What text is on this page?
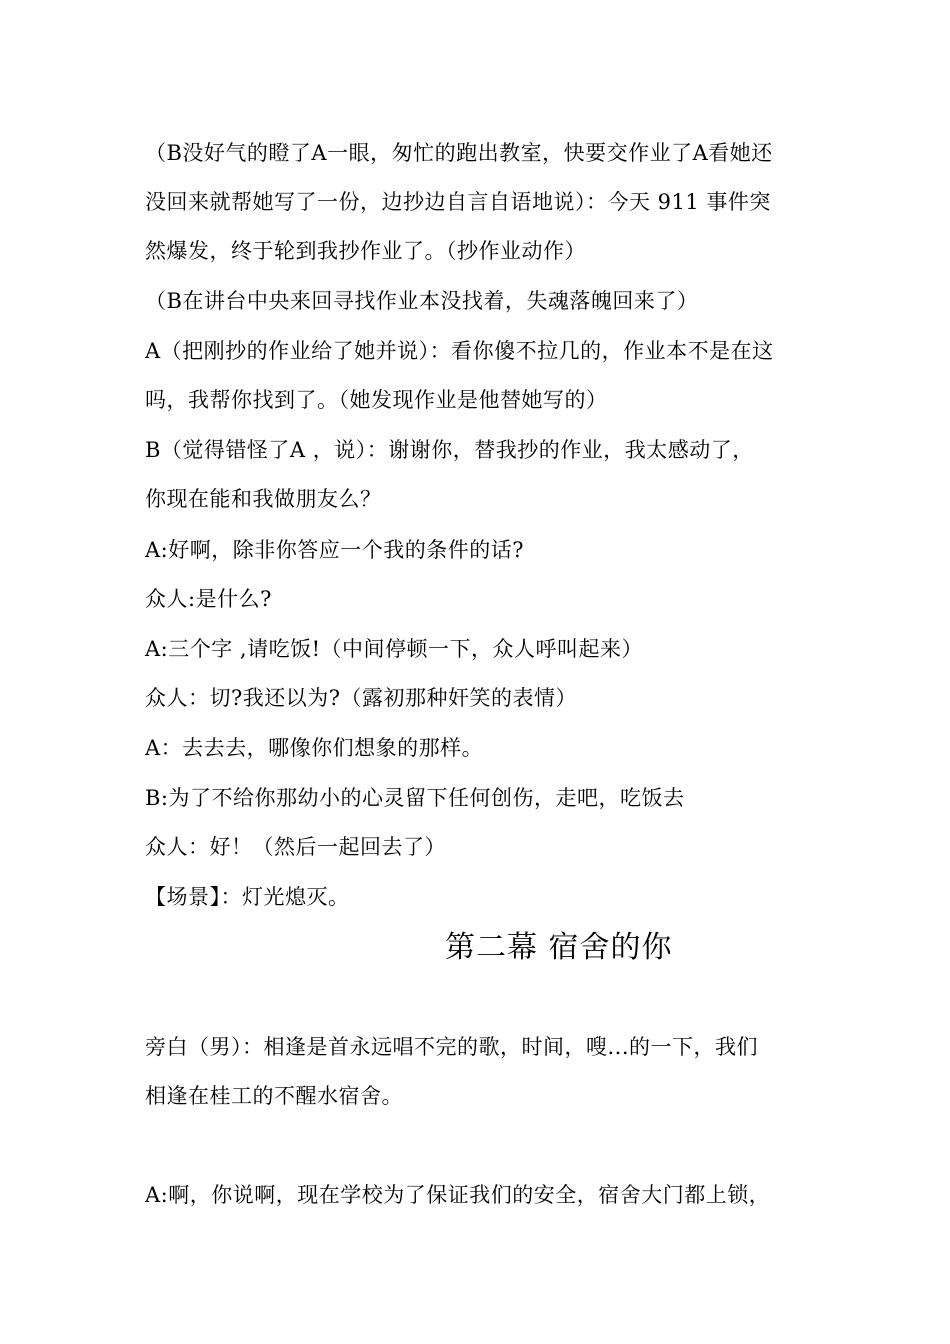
（B没好气的瞪了A一眼，匆忙的跑出教室，快要交作业了A看她还
没回来就帮她写了一份，边抄边自言自语地说）：今天 911 事件突
然爆发，终于轮到我抄作业了。（抄作业动作）
（B在讲台中央来回寻找作业本没找着，失魂落魄回来了）
A（把刚抄的作业给了她并说）：看你傻不拉几的，作业本不是在这
吗，我帮你找到了。（她发现作业是他替她写的）
B（觉得错怪了A ，说）：谢谢你，替我抄的作业，我太感动了，
你现在能和我做朋友么？
A:好啊，除非你答应一个我的条件的话?
众人:是什么?
A:三个字 ,请吃饭!（中间停顿一下，众人呼叫起来）
众人：切?我还以为?（露初那种奸笑的表情）
A：去去去，哪像你们想象的那样。
B:为了不给你那幼小的心灵留下任何创伤，走吧，吃饭去
众人：好！（然后一起回去了）
【场景】：灯光熄灭。
第二幕 宿舍的你
旁白（男）：相逢是首永远唱不完的歌，时间，嗖...的一下，我们
相逢在桂工的不醒水宿舍。
A:啊，你说啊，现在学校为了保证我们的安全，宿舍大门都上锁，
